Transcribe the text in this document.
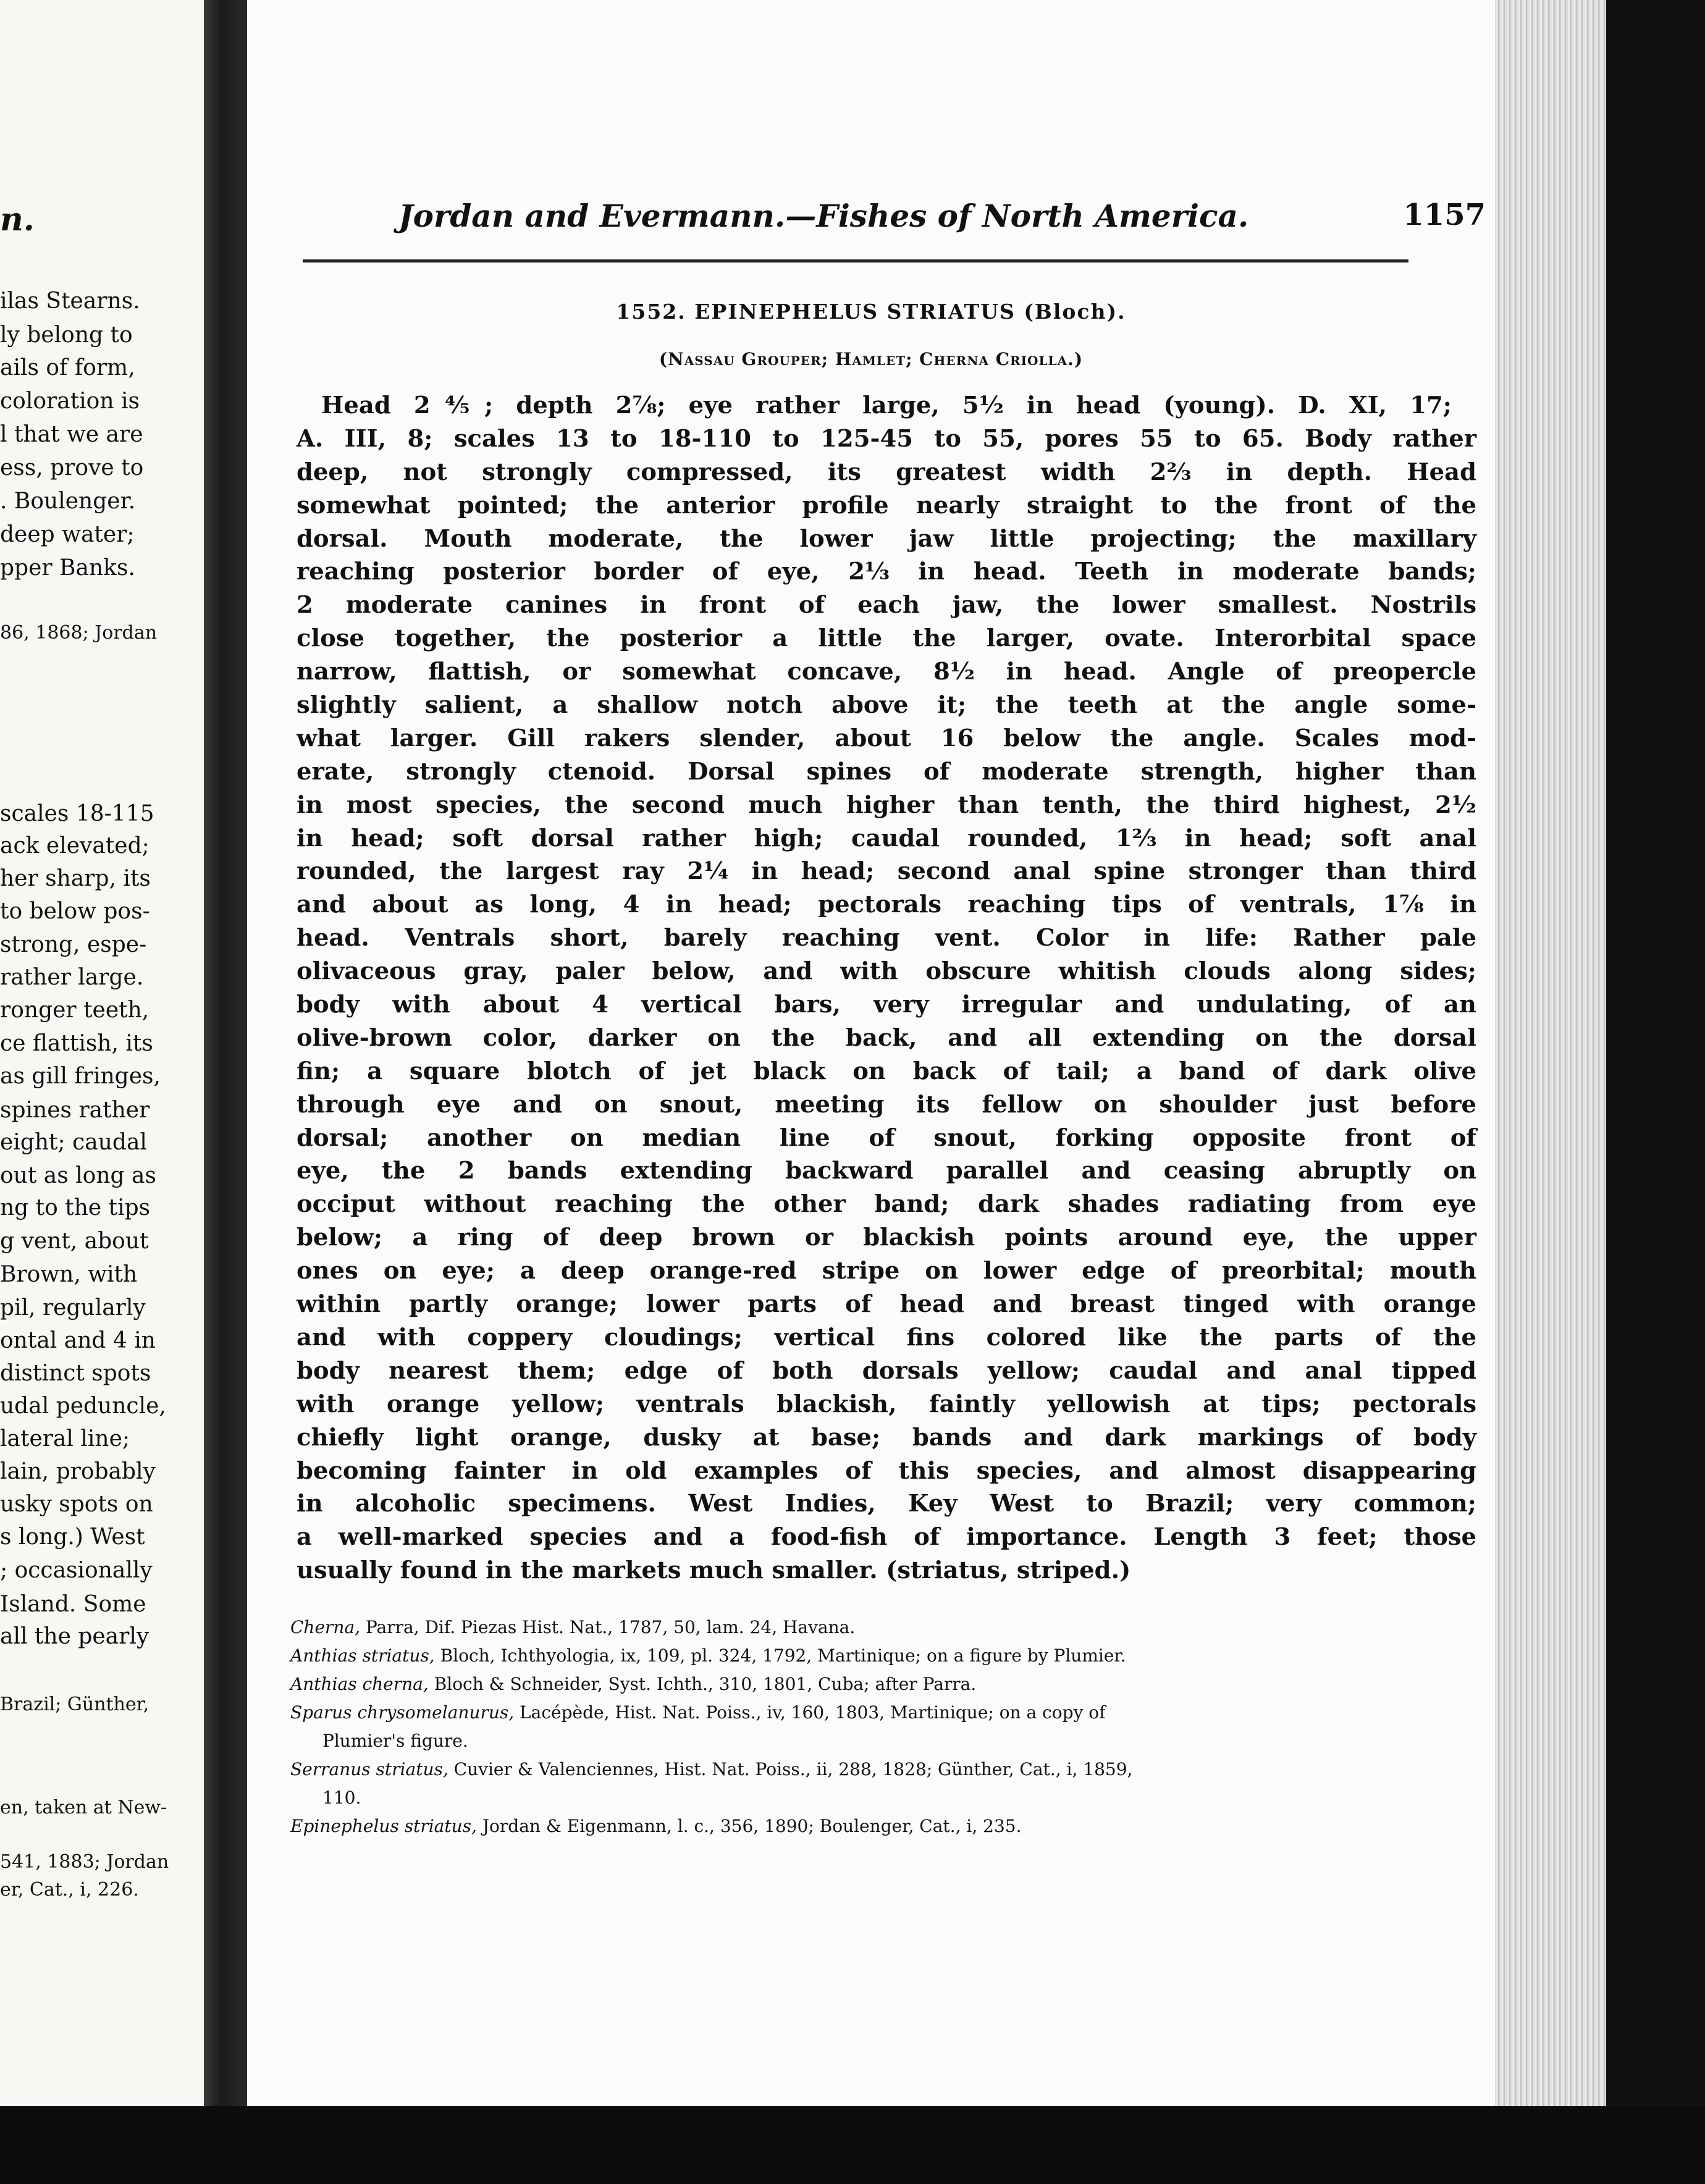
n.
ilas Stearns.
ly belong to
ails of form,
coloration is
l that we are
ess, prove to
. Boulenger.
deep water;
pper Banks.
86, 1868; Jordan
scales 18-115
ack elevated;
her sharp, its
to below pos-
strong, espe-
rather large.
ronger teeth,
ce flattish, its
as gill fringes,
spines rather
eight; caudal
out as long as
ng to the tips
g vent, about
Brown, with
pil, regularly
ontal and 4 in
distinct spots
udal peduncle,
lateral line;
lain, probably
usky spots on
s long.) West
; occasionally
Island. Some
all the pearly
Brazil; Günther,
en, taken at New-
541, 1883; Jordan
er, Cat., i, 226.
Jordan and Evermann.—Fishes of North America.	1157
1552. EPINEPHELUS STRIATUS (Bloch).
(Nassau Grouper; Hamlet; Cherna Criolla.)
Head 2⅘; depth 2⅞; eye rather large, 5½ in head (young). D. XI, 17;
A. III, 8; scales 13 to 18-110 to 125-45 to 55, pores 55 to 65. Body rather
deep, not strongly compressed, its greatest width 2⅔ in depth. Head
somewhat pointed; the anterior profile nearly straight to the front of the
dorsal. Mouth moderate, the lower jaw little projecting; the maxillary
reaching posterior border of eye, 2⅓ in head. Teeth in moderate bands;
2 moderate canines in front of each jaw, the lower smallest. Nostrils
close together, the posterior a little the larger, ovate. Interorbital space
narrow, flattish, or somewhat concave, 8½ in head. Angle of preopercle
slightly salient, a shallow notch above it; the teeth at the angle some-
what larger. Gill rakers slender, about 16 below the angle. Scales mod-
erate, strongly ctenoid. Dorsal spines of moderate strength, higher than
in most species, the second much higher than tenth, the third highest, 2½
in head; soft dorsal rather high; caudal rounded, 1⅔ in head; soft anal
rounded, the largest ray 2¼ in head; second anal spine stronger than third
and about as long, 4 in head; pectorals reaching tips of ventrals, 1⅞ in
head. Ventrals short, barely reaching vent. Color in life: Rather pale
olivaceous gray, paler below, and with obscure whitish clouds along sides;
body with about 4 vertical bars, very irregular and undulating, of an
olive-brown color, darker on the back, and all extending on the dorsal
fin; a square blotch of jet black on back of tail; a band of dark olive
through eye and on snout, meeting its fellow on shoulder just before
dorsal; another on median line of snout, forking opposite front of
eye, the 2 bands extending backward parallel and ceasing abruptly on
occiput without reaching the other band; dark shades radiating from eye
below; a ring of deep brown or blackish points around eye, the upper
ones on eye; a deep orange-red stripe on lower edge of preorbital; mouth
within partly orange; lower parts of head and breast tinged with orange
and with coppery cloudings; vertical fins colored like the parts of the
body nearest them; edge of both dorsals yellow; caudal and anal tipped
with orange yellow; ventrals blackish, faintly yellowish at tips; pectorals
chiefly light orange, dusky at base; bands and dark markings of body
becoming fainter in old examples of this species, and almost disappearing
in alcoholic specimens. West Indies, Key West to Brazil; very common;
a well-marked species and a food-fish of importance. Length 3 feet; those
usually found in the markets much smaller. (striatus, striped.)
Cherna, Parra, Dif. Piezas Hist. Nat., 1787, 50, lam. 24, Havana.
Anthias striatus, Bloch, Ichthyologia, ix, 109, pl. 324, 1792, Martinique; on a figure by Plumier.
Anthias cherna, Bloch & Schneider, Syst. Ichth., 310, 1801, Cuba; after Parra.
Sparus chrysomelanurus, Lacépède, Hist. Nat. Poiss., iv, 160, 1803, Martinique; on a copy of
Plumier's figure.
Serranus striatus, Cuvier & Valenciennes, Hist. Nat. Poiss., ii, 288, 1828; Günther, Cat., i, 1859,
110.
Epinephelus striatus, Jordan & Eigenmann, l. c., 356, 1890; Boulenger, Cat., i, 235.
